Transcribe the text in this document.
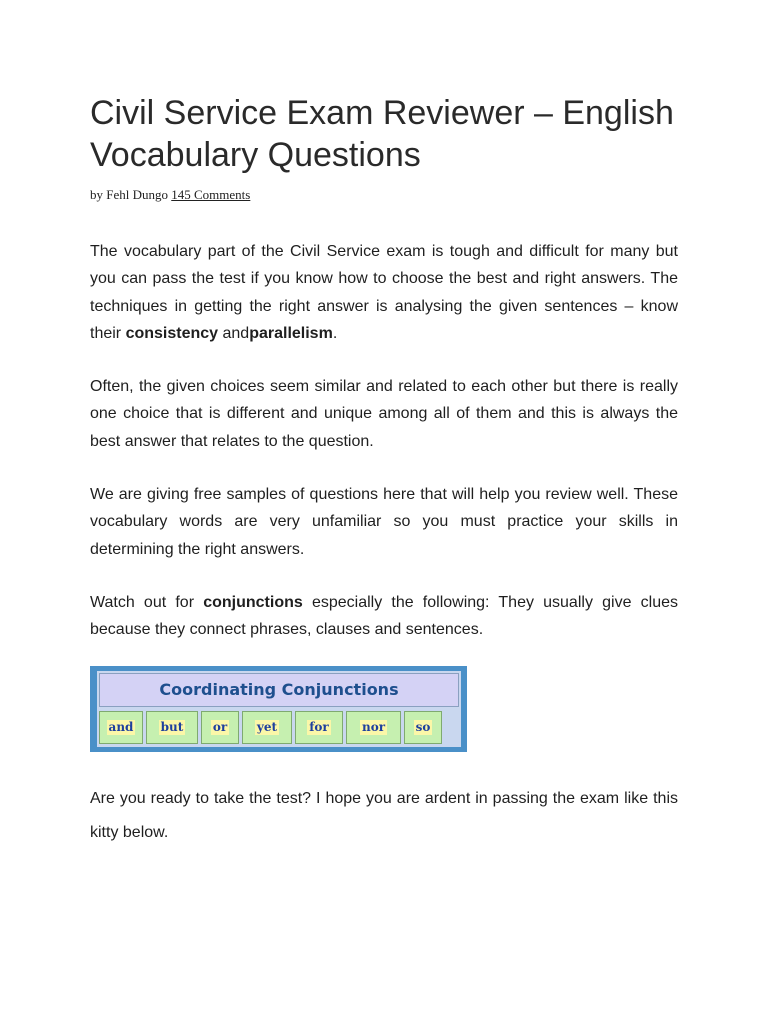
Civil Service Exam Reviewer – English Vocabulary Questions
by Fehl Dungo 145 Comments

The vocabulary part of the Civil Service exam is tough and difficult for many but you can pass the test if you know how to choose the best and right answers. The techniques in getting the right answer is analysing the given sentences – know their consistency andparallelism.

Often, the given choices seem similar and related to each other but there is really one choice that is different and unique among all of them and this is always the best answer that relates to the question.

We are giving free samples of questions here that will help you review well. These vocabulary words are very unfamiliar so you must practice your skills in determining the right answers.

Watch out for conjunctions especially the following: They usually give clues because they connect phrases, clauses and sentences.

Coordinating Conjunctions
and but or yet	for	nor	so

Are you ready to take the test? I hope you are ardent in passing the exam like this kitty below.
